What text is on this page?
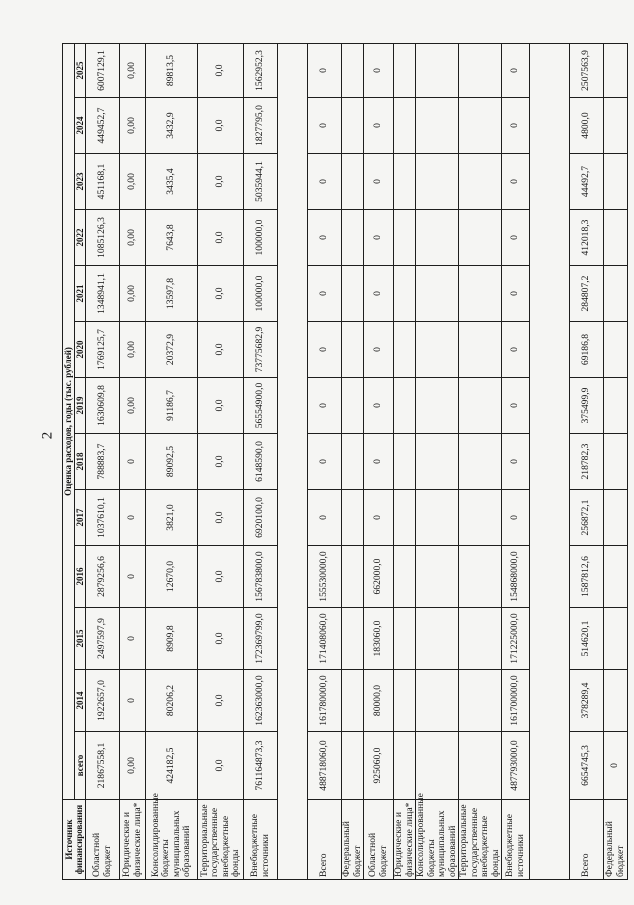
2
Источник финансирования	Оценка расходов, годы (тыс. рублей)												
	всего	2014	2015	2016	2017	2018	2019	2020	2021	2022	2023	2024	2025
Областной бюджет	21867558,1	1922657,0	2497597,9	2879256,6	1037610,1	788883,7	1630609,8	1769125,7	1348941,1	1085126,3	451168,1	449452,7	6007129,1
Юридические и физические лица*	0,00	0	0	0	0	0	0,00	0,00	0,00	0,00	0,00	0,00	0,00
Консолидированные бюджеты муниципальных образований	424182,5	80206,2	8909,8	12670,0	3821,0	89092,5	91186,7	20372,9	13597,8	7643,8	3435,4	3432,9	89813,5
Территориальные государственные внебюджетные фонды	0,0	0,0	0,0	0,0	0,0	0,0	0,0	0,0	0,0	0,0	0,0	0,0	0,0
Внебюджетные источники	761164873,3	162363000,0	172369799,0	156783800,0	6920100,0	6148590,0	56554900,0	73775682,9	100000,0	100000,0	5035944,1	1827795,0	1562952,3

Всего	488718060,0	161780000,0	171408060,0	155530000,0	0	0	0	0	0	0	0	0	0
Федеральный бюджет													
Областной бюджет	925060,0	80000,0	183060,0	662000,0	0	0	0	0	0	0	0	0	0
Юридические и физические лица*													
Консолидированные бюджеты муниципальных образований													
Территориальные государственные внебюджетные фонды													
Внебюджетные источники	487793000,0	161700000,0	171225000,0	154868000,0	0	0	0	0	0	0	0	0	0

Всего	6654745,3	378289,4	514620,1	1587812,6	256872,1	218782,3	375499,9	69186,8	284807,2	412018,3	44492,7	4800,0	2507563,9
Федеральный бюджет	0												
